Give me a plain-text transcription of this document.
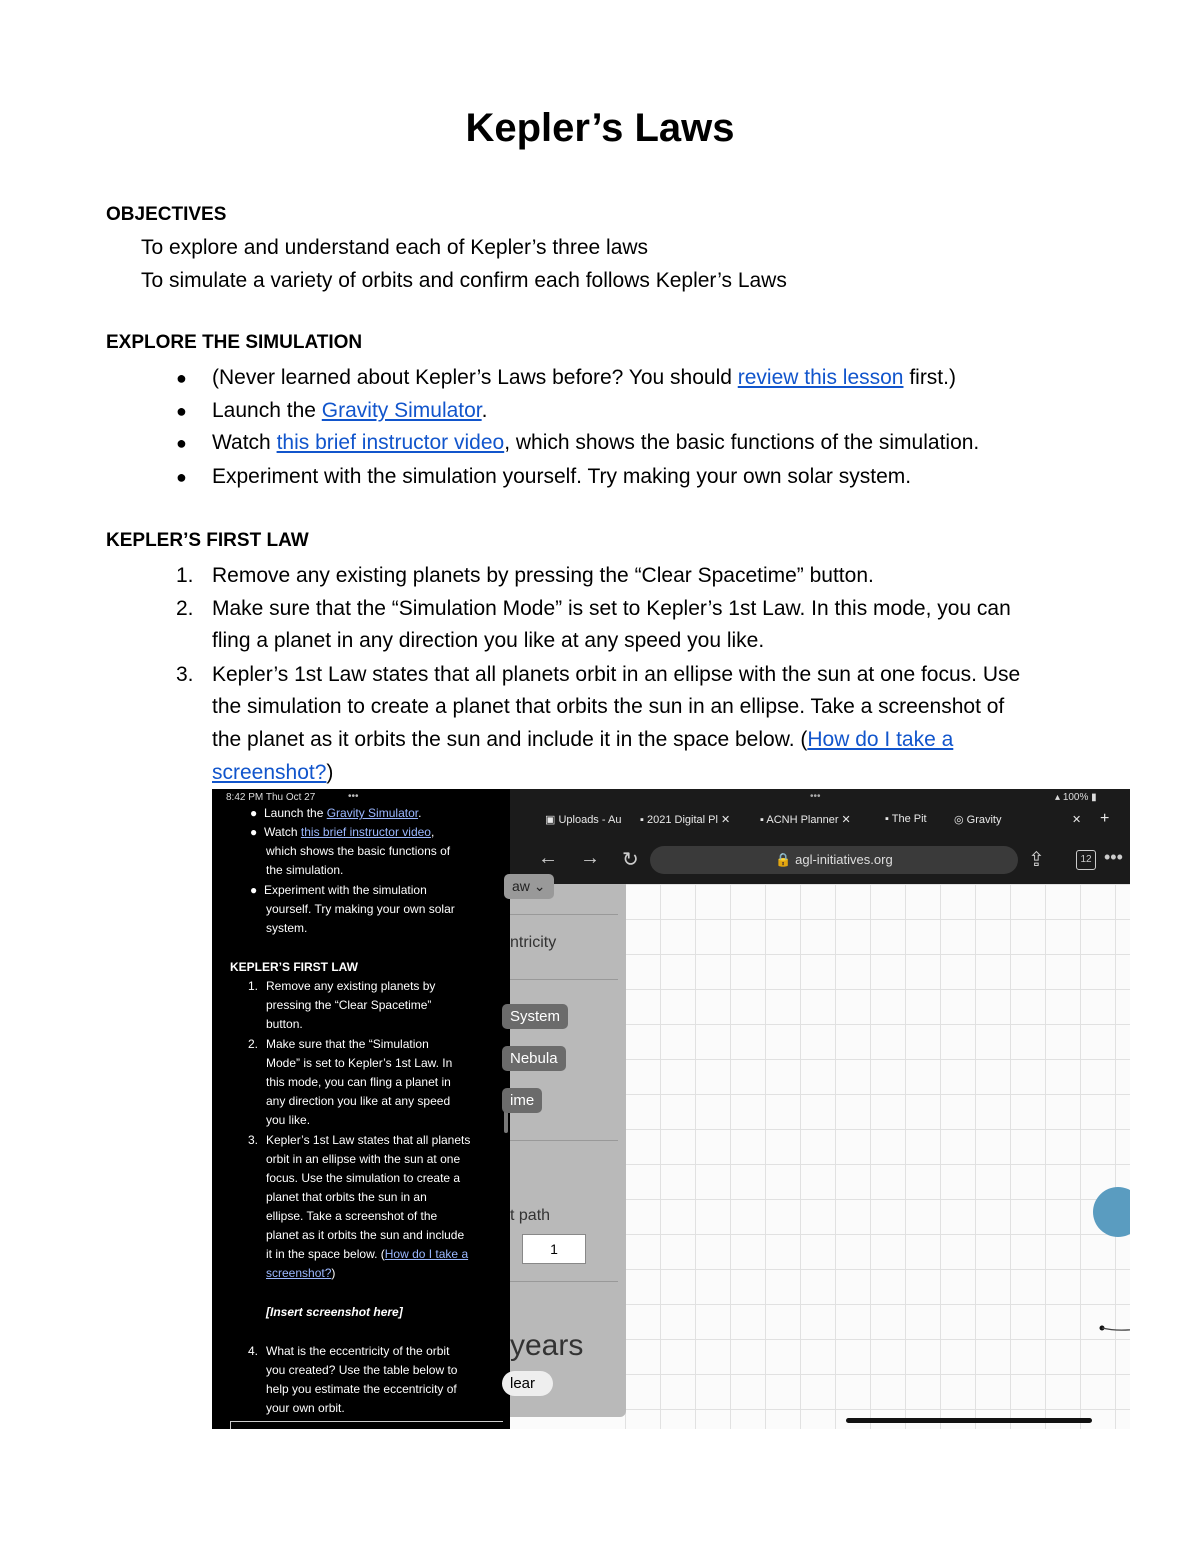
Kepler’s Laws
OBJECTIVES
To explore and understand each of Kepler’s three laws
To simulate a variety of orbits and confirm each follows Kepler’s Laws
EXPLORE THE SIMULATION
● (Never learned about Kepler’s Laws before? You should review this lesson first.)
● Launch the Gravity Simulator.
● Watch this brief instructor video, which shows the basic functions of the simulation.
● Experiment with the simulation yourself. Try making your own solar system.
KEPLER’S FIRST LAW
1. Remove any existing planets by pressing the “Clear Spacetime” button.
2. Make sure that the “Simulation Mode” is set to Kepler’s 1st Law. In this mode, you can
fling a planet in any direction you like at any speed you like.
3. Kepler’s 1st Law states that all planets orbit in an ellipse with the sun at one focus. Use
the simulation to create a planet that orbits the sun in an ellipse. Take a screenshot of
the planet as it orbits the sun and include it in the space below. (How do I take a
screenshot?)
8:42 PM Thu Oct 27	•••
● Launch the Gravity Simulator.
● Watch this brief instructor video,
which shows the basic functions of
the simulation.
● Experiment with the simulation
yourself. Try making your own solar
system.
KEPLER’S FIRST LAW
1. Remove any existing planets by
pressing the “Clear Spacetime”
button.
2. Make sure that the “Simulation
Mode” is set to Kepler’s 1st Law. In
this mode, you can fling a planet in
any direction you like at any speed
you like.
3. Kepler’s 1st Law states that all planets
orbit in an ellipse with the sun at one
focus. Use the simulation to create a
planet that orbits the sun in an
ellipse. Take a screenshot of the
planet as it orbits the sun and include
it in the space below. (How do I take a
screenshot?)
[Insert screenshot here]
4. What is the eccentricity of the orbit
you created? Use the table below to
help you estimate the eccentricity of
your own orbit.
•••	▴ 100% ▮
▣ Uploads - Au ▪ 2021 Digital Pl ✕	▪ ACNH Planner ✕	▪ The Pit ◎ Gravity	✕ +
← → ↻	🔒 agl-initiatives.org	⇪	12 •••
aw ⌄
ntricity
System
Nebula
ime
t path
1
years
lear
